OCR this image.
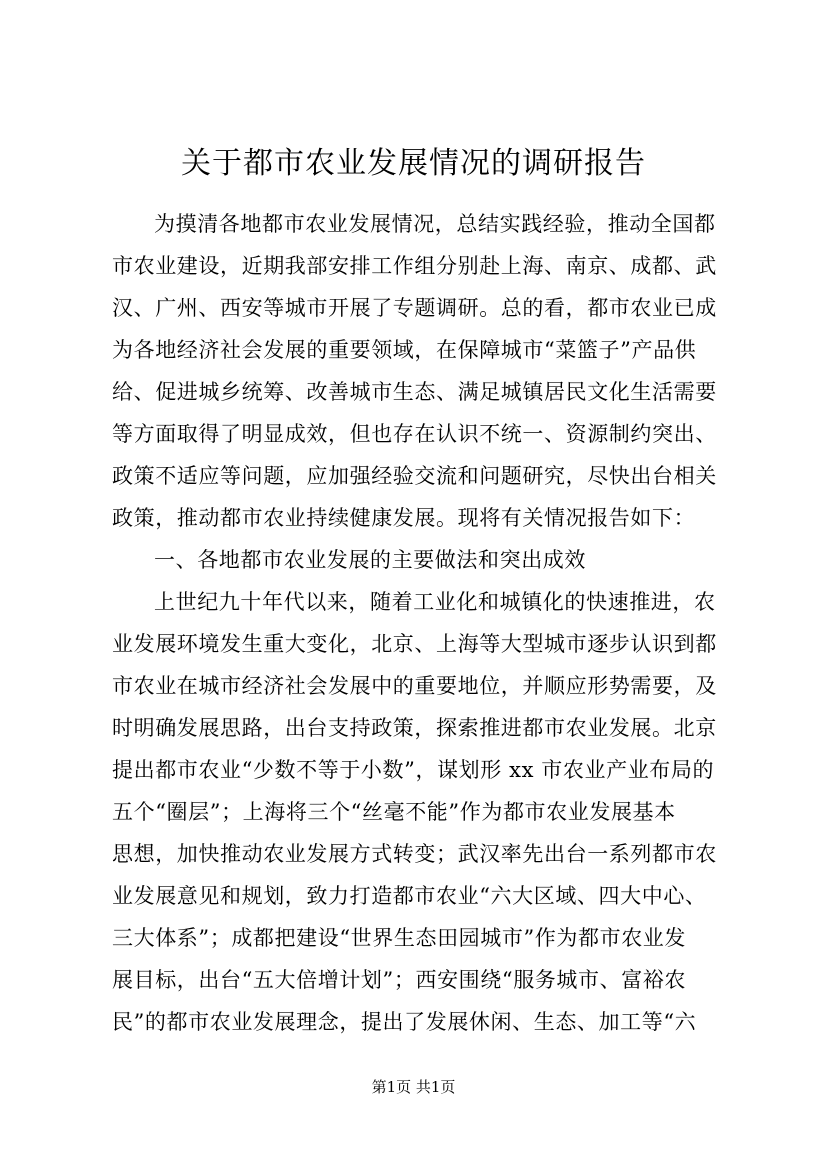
关于都市农业发展情况的调研报告
为摸清各地都市农业发展情况，总结实践经验，推动全国都
市农业建设，近期我部安排工作组分别赴上海、南京、成都、武
汉、广州、西安等城市开展了专题调研。总的看，都市农业已成
为各地经济社会发展的重要领域，在保障城市“菜篮子”产品供
给、促进城乡统筹、改善城市生态、满足城镇居民文化生活需要
等方面取得了明显成效，但也存在认识不统一、资源制约突出、
政策不适应等问题，应加强经验交流和问题研究，尽快出台相关
政策，推动都市农业持续健康发展。现将有关情况报告如下：
一、各地都市农业发展的主要做法和突出成效
上世纪九十年代以来，随着工业化和城镇化的快速推进，农
业发展环境发生重大变化，北京、上海等大型城市逐步认识到都
市农业在城市经济社会发展中的重要地位，并顺应形势需要，及
时明确发展思路，出台支持政策，探索推进都市农业发展。北京
提出都市农业“少数不等于小数”，谋划形 xx 市农业产业布局的
五个“圈层”；上海将三个“丝毫不能”作为都市农业发展基本
思想，加快推动农业发展方式转变；武汉率先出台一系列都市农
业发展意见和规划，致力打造都市农业“六大区域、四大中心、
三大体系”；成都把建设“世界生态田园城市”作为都市农业发
展目标，出台“五大倍增计划”；西安围绕“服务城市、富裕农
民”的都市农业发展理念，提出了发展休闲、生态、加工等“六
第1页 共1页
